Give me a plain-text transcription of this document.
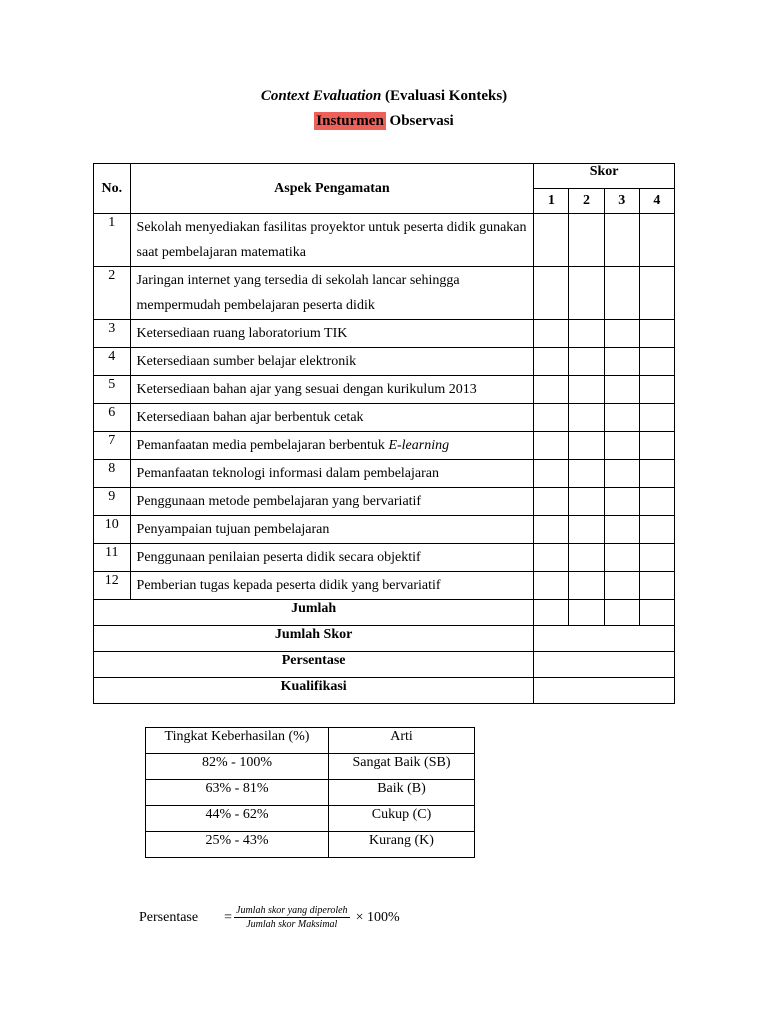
Context Evaluation (Evaluasi Konteks)
Insturmen Observasi
No.	Aspek Pengamatan	Skor			
		1	2	3	4
1	Sekolah menyediakan fasilitas proyektor untuk peserta didik gunakan saat pembelajaran matematika				
2	Jaringan internet yang tersedia di sekolah lancar sehingga mempermudah pembelajaran peserta didik				
3	Ketersediaan ruang laboratorium TIK				
4	Ketersediaan sumber belajar elektronik				
5	Ketersediaan bahan ajar yang sesuai dengan kurikulum 2013				
6	Ketersediaan bahan ajar berbentuk cetak				
7	Pemanfaatan media pembelajaran berbentuk E-learning				
8	Pemanfaatan teknologi informasi dalam pembelajaran				
9	Penggunaan metode pembelajaran yang bervariatif				
10	Penyampaian tujuan pembelajaran				
11	Penggunaan penilaian peserta didik secara objektif				
12	Pemberian tugas kepada peserta didik yang bervariatif				
Jumlah					
Jumlah Skor					
Persentase					
Kualifikasi					
Tingkat Keberhasilan (%)	Arti
82% - 100%	Sangat Baik (SB)
63% - 81%	Baik (B)
44% - 62%	Cukup (C)
25% - 43%	Kurang (K)
Persentase = $\frac{\text{Jumlah skor yang diperoleh}}{\text{Jumlah skor Maksimal}} \times 100\%$
